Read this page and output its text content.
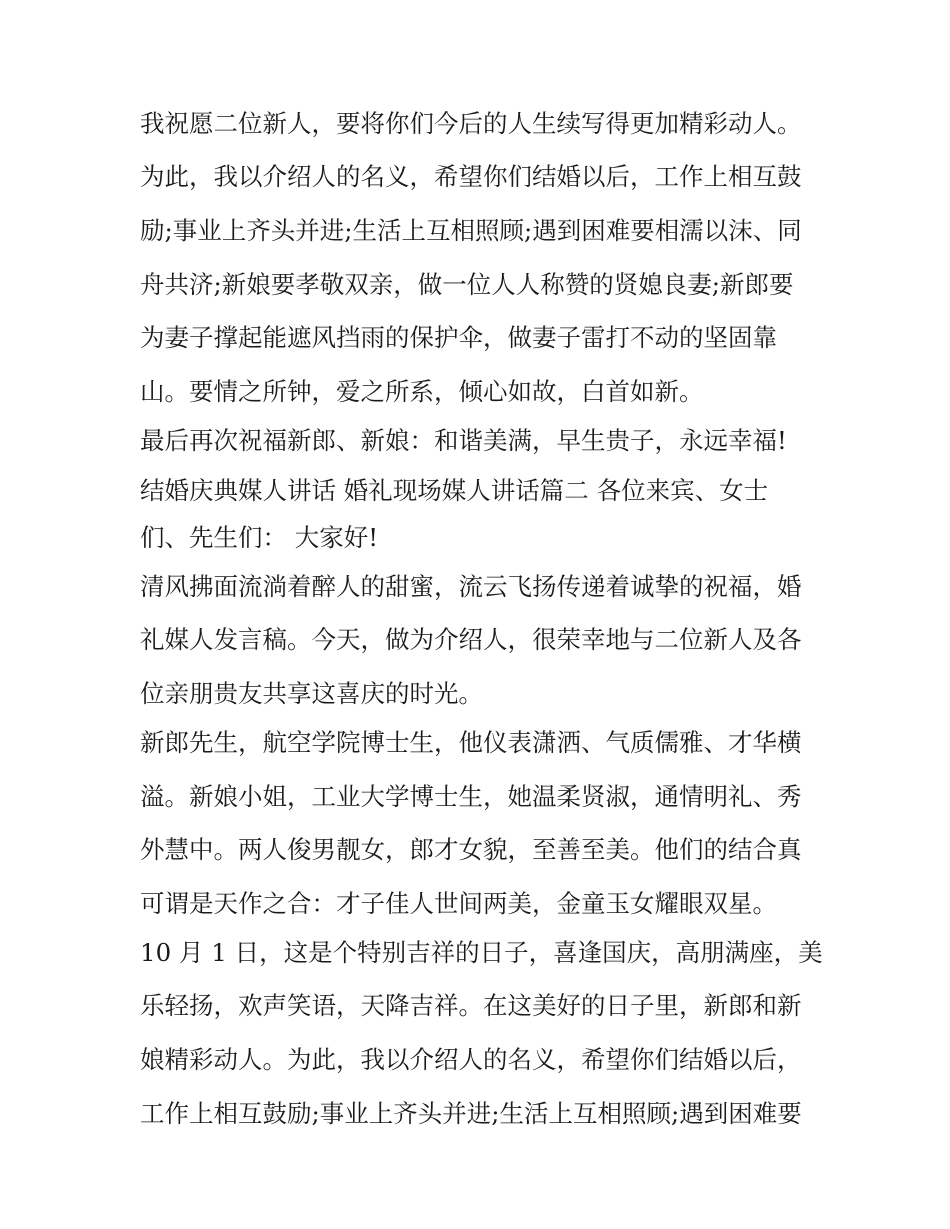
我祝愿二位新人，要将你们今后的人生续写得更加精彩动人。
为此，我以介绍人的名义，希望你们结婚以后，工作上相互鼓
励;事业上齐头并进;生活上互相照顾;遇到困难要相濡以沫、同
舟共济;新娘要孝敬双亲，做一位人人称赞的贤媳良妻;新郎要
为妻子撑起能遮风挡雨的保护伞，做妻子雷打不动的坚固靠
山。要情之所钟，爱之所系，倾心如故，白首如新。
最后再次祝福新郎、新娘：和谐美满，早生贵子，永远幸福!
结婚庆典媒人讲话 婚礼现场媒人讲话篇二 各位来宾、女士
们、先生们： 大家好!
清风拂面流淌着醉人的甜蜜，流云飞扬传递着诚挚的祝福，婚
礼媒人发言稿。今天，做为介绍人，很荣幸地与二位新人及各
位亲朋贵友共享这喜庆的时光。
新郎先生，航空学院博士生，他仪表潇洒、气质儒雅、才华横
溢。新娘小姐，工业大学博士生，她温柔贤淑，通情明礼、秀
外慧中。两人俊男靓女，郎才女貌，至善至美。他们的结合真
可谓是天作之合：才子佳人世间两美，金童玉女耀眼双星。
10 月 1 日，这是个特别吉祥的日子，喜逢国庆，高朋满座，美
乐轻扬，欢声笑语，天降吉祥。在这美好的日子里，新郎和新
娘精彩动人。为此，我以介绍人的名义，希望你们结婚以后，
工作上相互鼓励;事业上齐头并进;生活上互相照顾;遇到困难要
